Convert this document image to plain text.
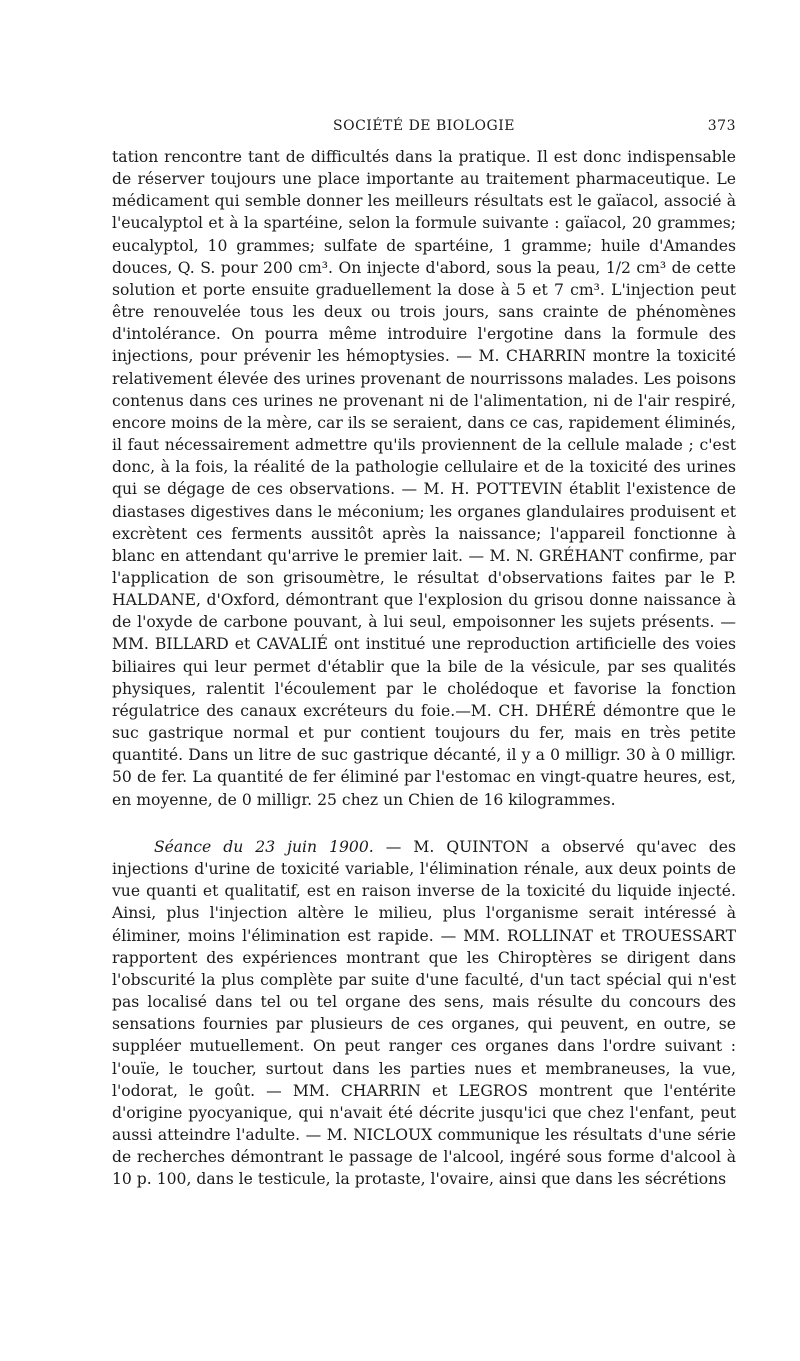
SOCIÉTÉ DE BIOLOGIE	373

tation rencontre tant de difficultés dans la pratique. Il est donc indispensable de réserver toujours une place importante au traitement pharmaceutique. Le médicament qui semble donner les meilleurs résultats est le gaïacol, associé à l'eucalyptol et à la spartéine, selon la formule suivante : gaïacol, 20 grammes; eucalyptol, 10 grammes; sulfate de spartéine, 1 gramme; huile d'Amandes douces, Q. S. pour 200 cm³. On injecte d'abord, sous la peau, 1/2 cm³ de cette solution et porte ensuite graduellement la dose à 5 et 7 cm³. L'injection peut être renouvelée tous les deux ou trois jours, sans crainte de phénomènes d'intolérance. On pourra même introduire l'ergotine dans la formule des injections, pour prévenir les hémoptysies. — M. CHARRIN montre la toxicité relativement élevée des urines provenant de nourrissons malades. Les poisons contenus dans ces urines ne provenant ni de l'alimentation, ni de l'air respiré, encore moins de la mère, car ils se seraient, dans ce cas, rapidement éliminés, il faut nécessairement admettre qu'ils proviennent de la cellule malade ; c'est donc, à la fois, la réalité de la pathologie cellulaire et de la toxicité des urines qui se dégage de ces observations. — M. H. POTTEVIN établit l'existence de diastases digestives dans le méconium; les organes glandulaires produisent et excrètent ces ferments aussitôt après la naissance; l'appareil fonctionne à blanc en attendant qu'arrive le premier lait. — M. N. GRÉHANT confirme, par l'application de son grisoumètre, le résultat d'observations faites par le P. HALDANE, d'Oxford, démontrant que l'explosion du grisou donne naissance à de l'oxyde de carbone pouvant, à lui seul, empoisonner les sujets présents. — MM. BILLARD et CAVALIÉ ont institué une reproduction artificielle des voies biliaires qui leur permet d'établir que la bile de la vésicule, par ses qualités physiques, ralentit l'écoulement par le cholédoque et favorise la fonction régulatrice des canaux excréteurs du foie.—M. CH. DHÉRÉ démontre que le suc gastrique normal et pur contient toujours du fer, mais en très petite quantité. Dans un litre de suc gastrique décanté, il y a 0 milligr. 30 à 0 milligr. 50 de fer. La quantité de fer éliminé par l'estomac en vingt-quatre heures, est, en moyenne, de 0 milligr. 25 chez un Chien de 16 kilogrammes.

Séance du 23 juin 1900. — M. QUINTON a observé qu'avec des injections d'urine de toxicité variable, l'élimination rénale, aux deux points de vue quanti et qualitatif, est en raison inverse de la toxicité du liquide injecté. Ainsi, plus l'injection altère le milieu, plus l'organisme serait intéressé à éliminer, moins l'élimination est rapide. — MM. ROLLINAT et TROUESSART rapportent des expériences montrant que les Chiroptères se dirigent dans l'obscurité la plus complète par suite d'une faculté, d'un tact spécial qui n'est pas localisé dans tel ou tel organe des sens, mais résulte du concours des sensations fournies par plusieurs de ces organes, qui peuvent, en outre, se suppléer mutuellement. On peut ranger ces organes dans l'ordre suivant : l'ouïe, le toucher, surtout dans les parties nues et membraneuses, la vue, l'odorat, le goût. — MM. CHARRIN et LEGROS montrent que l'entérite d'origine pyocyanique, qui n'avait été décrite jusqu'ici que chez l'enfant, peut aussi atteindre l'adulte. — M. NICLOUX communique les résultats d'une série de recherches démontrant le passage de l'alcool, ingéré sous forme d'alcool à 10 p. 100, dans le testicule, la protaste, l'ovaire, ainsi que dans les sécrétions
